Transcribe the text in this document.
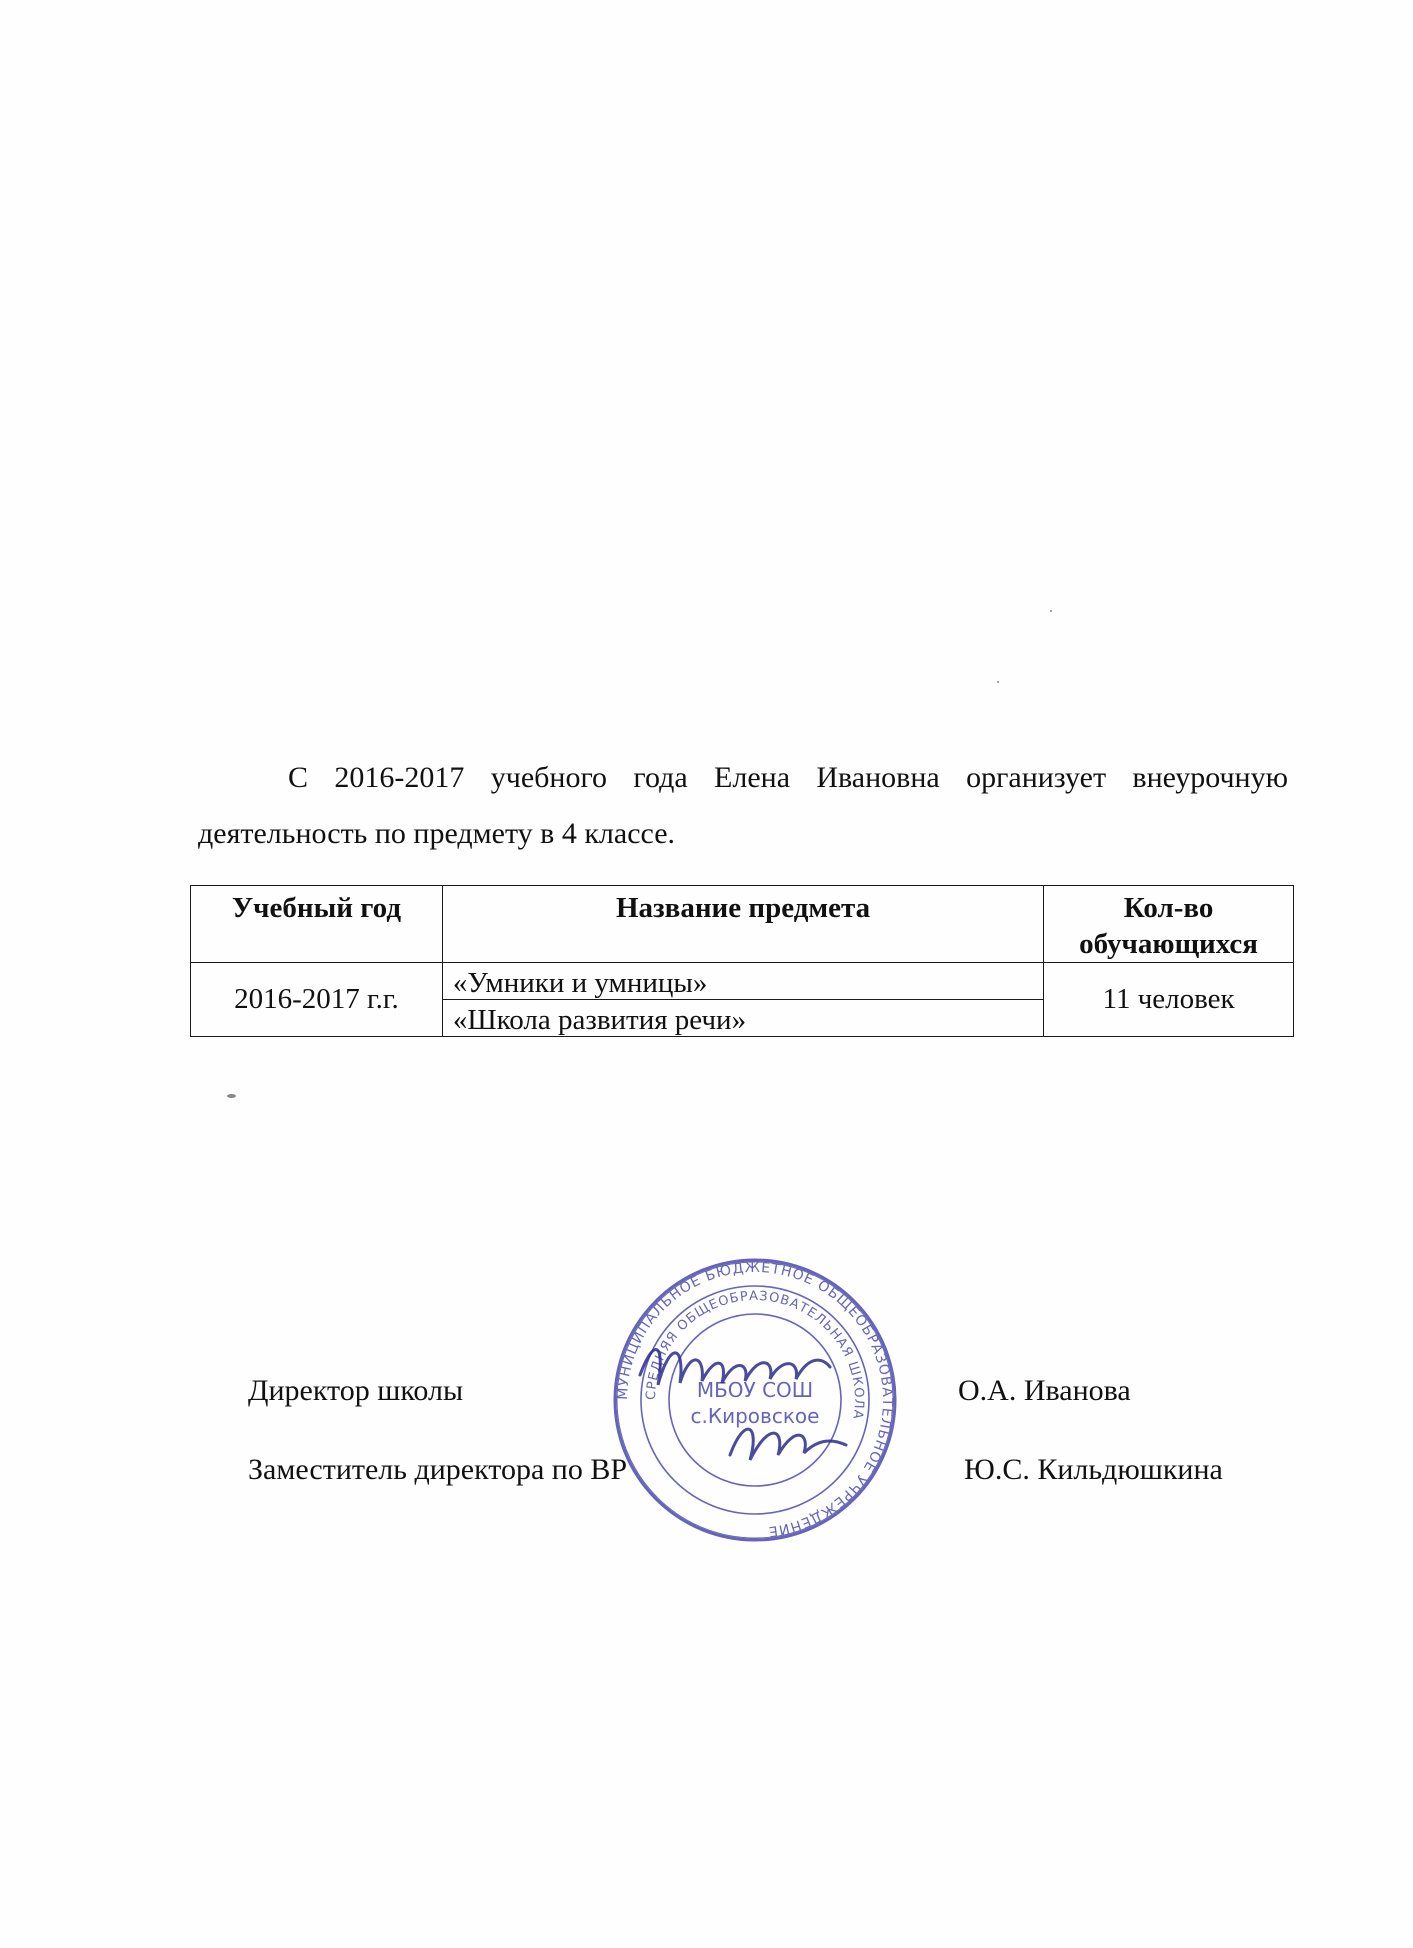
С 2016-2017 учебного года Елена Ивановна организует внеурочную деятельность по предмету в 4 классе.
Учебный год	Название предмета	Кол-во
обучающихся
2016-2017 г.г.	«Умники и умницы»	11 человек
	«Школа развития речи»	
Директор школы	О.А. Иванова
Заместитель директора по ВР	Ю.С. Кильдюшкина
МУНИЦИПАЛЬНОЕ БЮДЖЕТНОЕ ОБЩЕОБРАЗОВАТЕЛЬНОЕ УЧРЕЖДЕНИЕ
СРЕДНЯЯ ОБЩЕОБРАЗОВАТЕЛЬНАЯ ШКОЛА
МБОУ СОШ
с.Кировское
